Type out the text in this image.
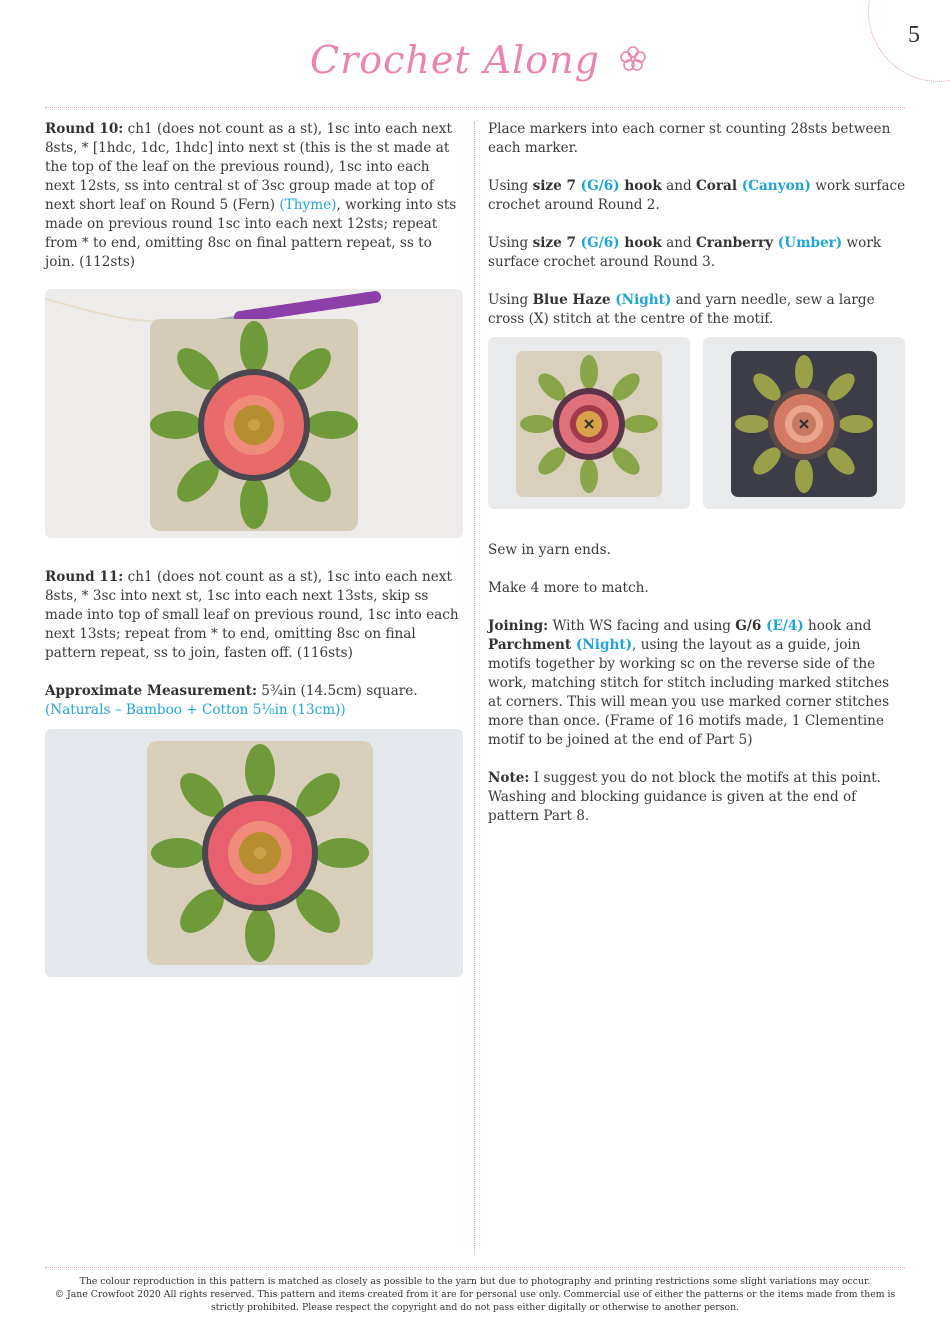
5
Crochet Along

Round 10: ch1 (does not count as a st), 1sc into each next 8sts, * [1hdc, 1dc, 1hdc] into next st (this is the st made at the top of the leaf on the previous round), 1sc into each next 12sts, ss into central st of 3sc group made at top of next short leaf on Round 5 (Fern) (Thyme), working into sts made on previous round 1sc into each next 12sts; repeat from * to end, omitting 8sc on final pattern repeat, ss to join. (112sts)

Round 11: ch1 (does not count as a st), 1sc into each next 8sts, * 3sc into next st, 1sc into each next 13sts, skip ss made into top of small leaf on previous round, 1sc into each next 13sts; repeat from * to end, omitting 8sc on final pattern repeat, ss to join, fasten off. (116sts)

Approximate Measurement: 5¾in (14.5cm) square.
(Naturals – Bamboo + Cotton 5⅛in (13cm))

Place markers into each corner st counting 28sts between each marker.

Using size 7 (G/6) hook and Coral (Canyon) work surface crochet around Round 2.

Using size 7 (G/6) hook and Cranberry (Umber) work surface crochet around Round 3.

Using Blue Haze (Night) and yarn needle, sew a large cross (X) stitch at the centre of the motif.

Sew in yarn ends.

Make 4 more to match.

Joining: With WS facing and using G/6 (E/4) hook and Parchment (Night), using the layout as a guide, join motifs together by working sc on the reverse side of the work, matching stitch for stitch including marked stitches at corners. This will mean you use marked corner stitches more than once. (Frame of 16 motifs made, 1 Clementine motif to be joined at the end of Part 5)

Note: I suggest you do not block the motifs at this point. Washing and blocking guidance is given at the end of pattern Part 8.

The colour reproduction in this pattern is matched as closely as possible to the yarn but due to photography and printing restrictions some slight variations may occur.
© Jane Crowfoot 2020 All rights reserved. This pattern and items created from it are for personal use only. Commercial use of either the patterns or the items made from them is strictly prohibited. Please respect the copyright and do not pass either digitally or otherwise to another person.
